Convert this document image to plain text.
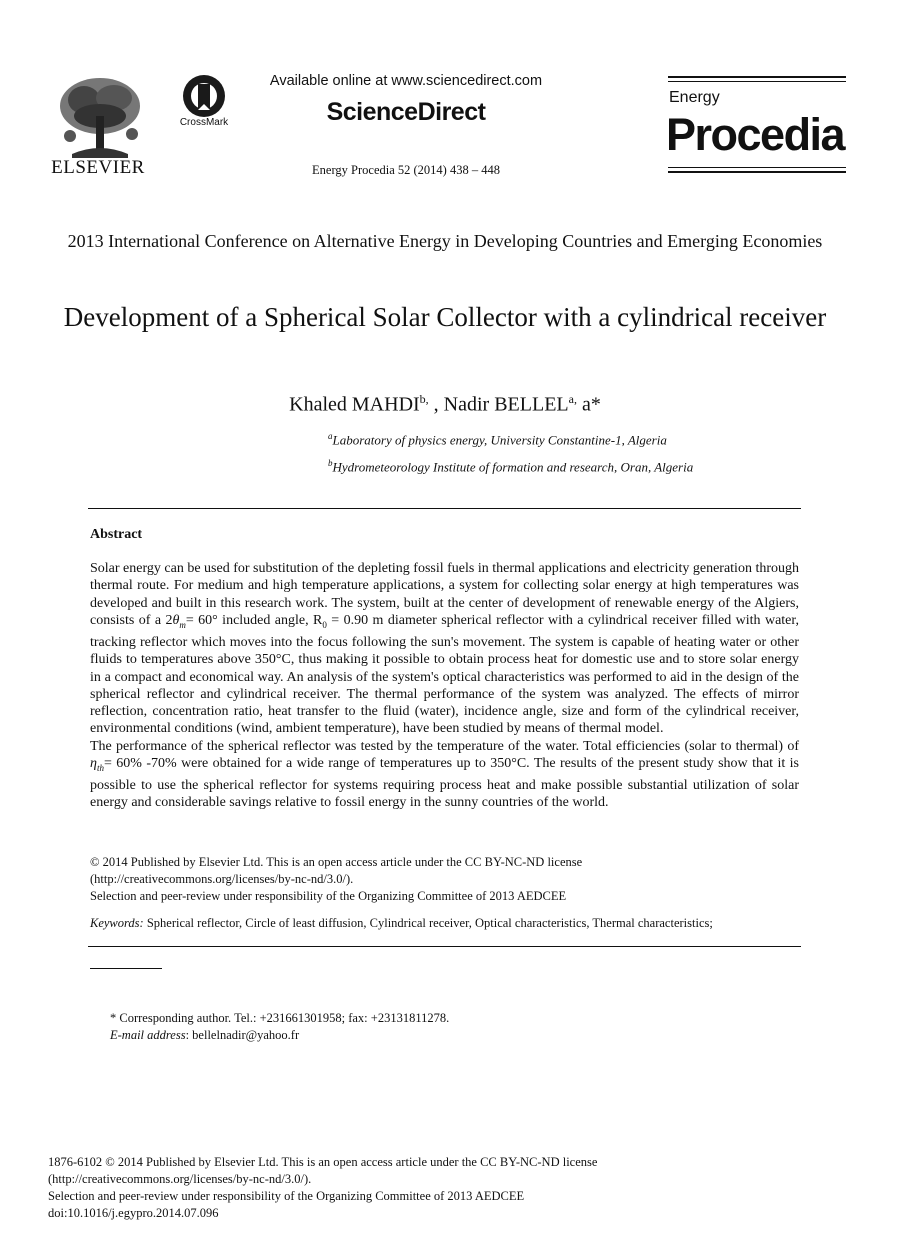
ELSEVIER
CrossMark
Available online at www.sciencedirect.com
ScienceDirect
Energy Procedia 52 (2014) 438 – 448
Energy
Procedia
2013 International Conference on Alternative Energy in Developing Countries and Emerging Economies
Development of a Spherical Solar Collector with a cylindrical receiver
Khaled $MAHDI^{b,}$ , Nadir $BELLEL^{a,}$ a*
$^a$Laboratory of physics energy, University Constantine-1, Algeria
$^b$Hydrometeorology Institute of formation and research, Oran, Algeria
Abstract

Solar energy can be used for substitution of the depleting fossil fuels in thermal applications and electricity generation through thermal route. For medium and high temperature applications, a system for collecting solar energy at high temperatures was developed and built in this research work. The system, built at the center of development of renewable energy of the Algiers, consists of a $2\theta_m= 60^\circ$ included angle, $R_0 = 0.90$ m diameter spherical reflector with a cylindrical receiver filled with water, tracking reflector which moves into the focus following the sun's movement. The system is capable of heating water or other fluids to temperatures above 350°C, thus making it possible to obtain process heat for domestic use and to store solar energy in a compact and economical way. An analysis of the system's optical characteristics was performed to aid in the design of the spherical reflector and cylindrical receiver. The thermal performance of the system was analyzed. The effects of mirror reflection, concentration ratio, heat transfer to the fluid (water), incidence angle, size and form of the cylindrical receiver, environmental conditions (wind, ambient temperature), have been studied by means of thermal model.

The performance of the spherical reflector was tested by the temperature of the water. Total efficiencies (solar to thermal) of $\eta_{th}= 60\%$ -70% were obtained for a wide range of temperatures up to 350°C. The results of the present study show that it is possible to use the spherical reflector for systems requiring process heat and make possible substantial utilization of solar energy and considerable savings relative to fossil energy in the sunny countries of the world.

© 2014 Published by Elsevier Ltd. This is an open access article under the CC BY-NC-ND license
(http://creativecommons.org/licenses/by-nc-nd/3.0/).
Selection and peer-review under responsibility of the Organizing Committee of 2013 AEDCEE
Keywords: Spherical reflector, Circle of least diffusion, Cylindrical receiver, Optical characteristics, Thermal characteristics;
* Corresponding author. Tel.: +231661301958; fax: +23131811278.
E-mail address: bellelnadir@yahoo.fr
1876-6102 © 2014 Published by Elsevier Ltd. This is an open access article under the CC BY-NC-ND license
(http://creativecommons.org/licenses/by-nc-nd/3.0/).
Selection and peer-review under responsibility of the Organizing Committee of 2013 AEDCEE
doi:10.1016/j.egypro.2014.07.096
